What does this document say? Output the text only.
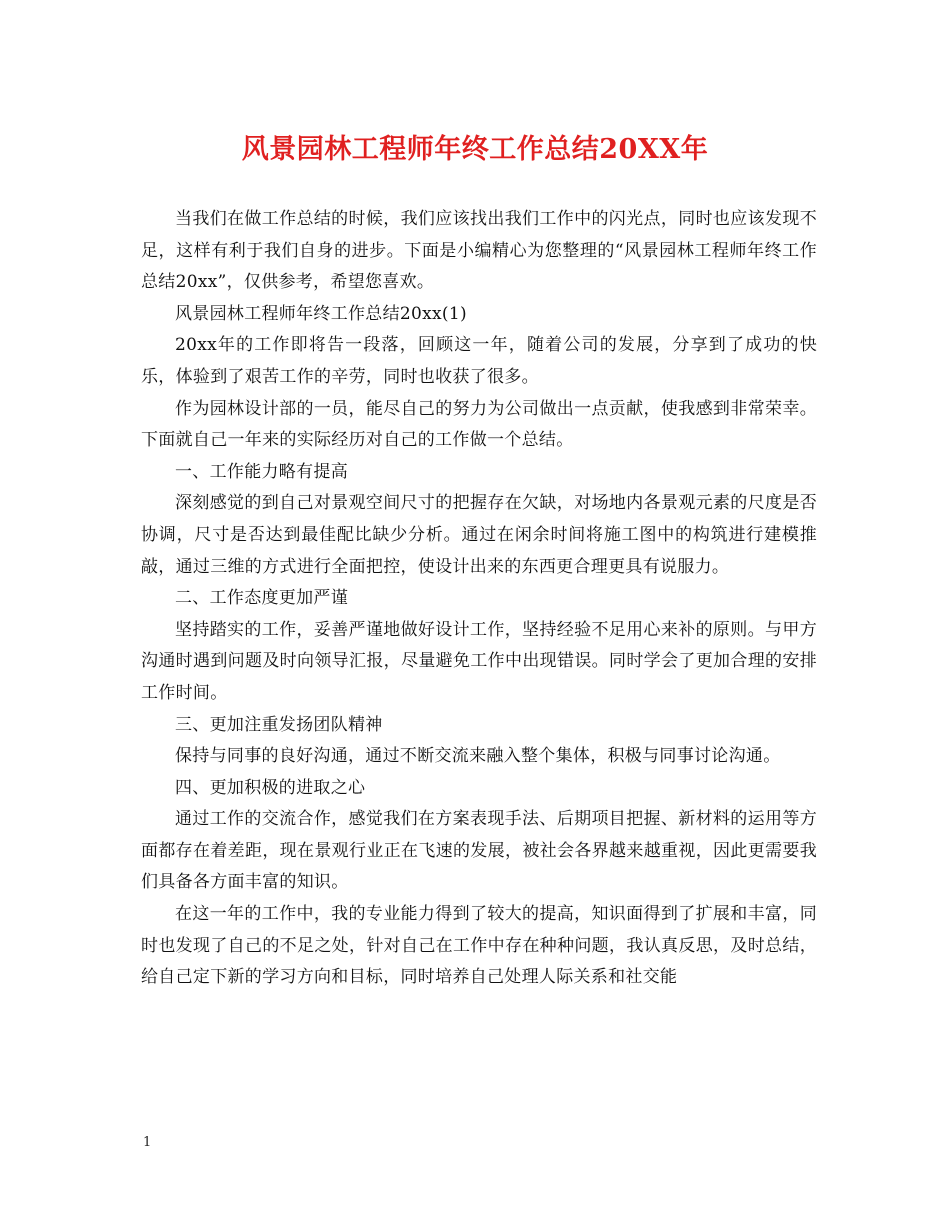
风景园林工程师年终工作总结20XX年

当我们在做工作总结的时候，我们应该找出我们工作中的闪光点，同时也应该发现不足，这样有利于我们自身的进步。下面是小编精心为您整理的“风景园林工程师年终工作总结20xx”，仅供参考，希望您喜欢。

风景园林工程师年终工作总结20xx(1)

20xx年的工作即将告一段落，回顾这一年，随着公司的发展，分享到了成功的快乐，体验到了艰苦工作的辛劳，同时也收获了很多。

作为园林设计部的一员，能尽自己的努力为公司做出一点贡献，使我感到非常荣幸。下面就自己一年来的实际经历对自己的工作做一个总结。

一、工作能力略有提高

深刻感觉的到自己对景观空间尺寸的把握存在欠缺，对场地内各景观元素的尺度是否协调，尺寸是否达到最佳配比缺少分析。通过在闲余时间将施工图中的构筑进行建模推敲，通过三维的方式进行全面把控，使设计出来的东西更合理更具有说服力。

二、工作态度更加严谨

坚持踏实的工作，妥善严谨地做好设计工作，坚持经验不足用心来补的原则。与甲方沟通时遇到问题及时向领导汇报，尽量避免工作中出现错误。同时学会了更加合理的安排工作时间。

三、更加注重发扬团队精神

保持与同事的良好沟通，通过不断交流来融入整个集体，积极与同事讨论沟通。

四、更加积极的进取之心

通过工作的交流合作，感觉我们在方案表现手法、后期项目把握、新材料的运用等方面都存在着差距，现在景观行业正在飞速的发展，被社会各界越来越重视，因此更需要我们具备各方面丰富的知识。

在这一年的工作中，我的专业能力得到了较大的提高，知识面得到了扩展和丰富，同时也发现了自己的不足之处，针对自己在工作中存在种种问题，我认真反思，及时总结，给自己定下新的学习方向和目标，同时培养自己处理人际关系和社交能

1
